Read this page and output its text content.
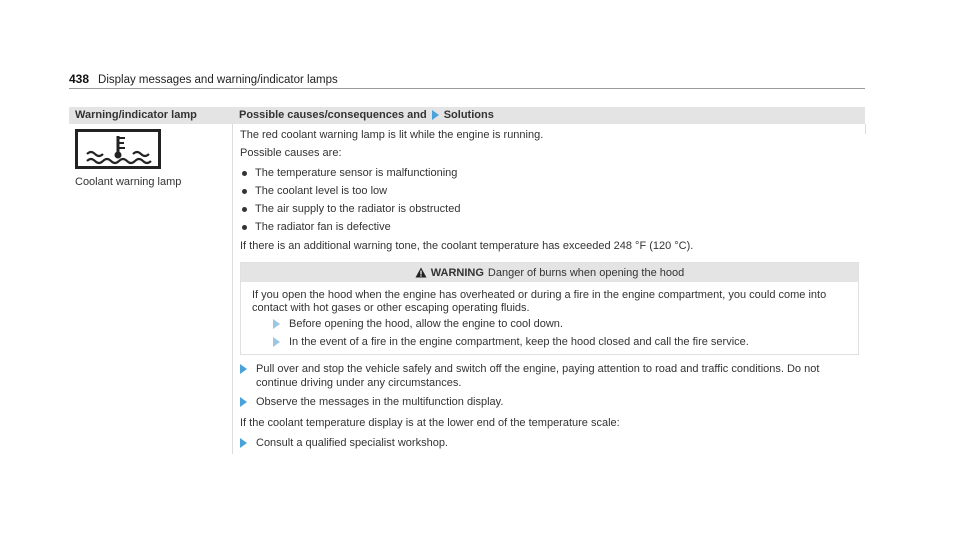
438 Display messages and warning/indicator lamps
Warning/indicator lamp	Possible causes/consequences and Solutions
Coolant warning lamp

The red coolant warning lamp is lit while the engine is running.

Possible causes are:

The temperature sensor is malfunctioning
The coolant level is too low
The air supply to the radiator is obstructed
The radiator fan is defective

If there is an additional warning tone, the coolant temperature has exceeded 248 °F (120 °C).

WARNING Danger of burns when opening the hood
If you open the hood when the engine has overheated or during a fire in the engine compartment, you could come into contact with hot gases or other escaping operating fluids.
Before opening the hood, allow the engine to cool down.
In the event of a fire in the engine compartment, keep the hood closed and call the fire service.
Pull over and stop the vehicle safely and switch off the engine, paying attention to road and traffic conditions. Do not continue driving under any circumstances.
Observe the messages in the multifunction display.

If the coolant temperature display is at the lower end of the temperature scale:

Consult a qualified specialist workshop.
